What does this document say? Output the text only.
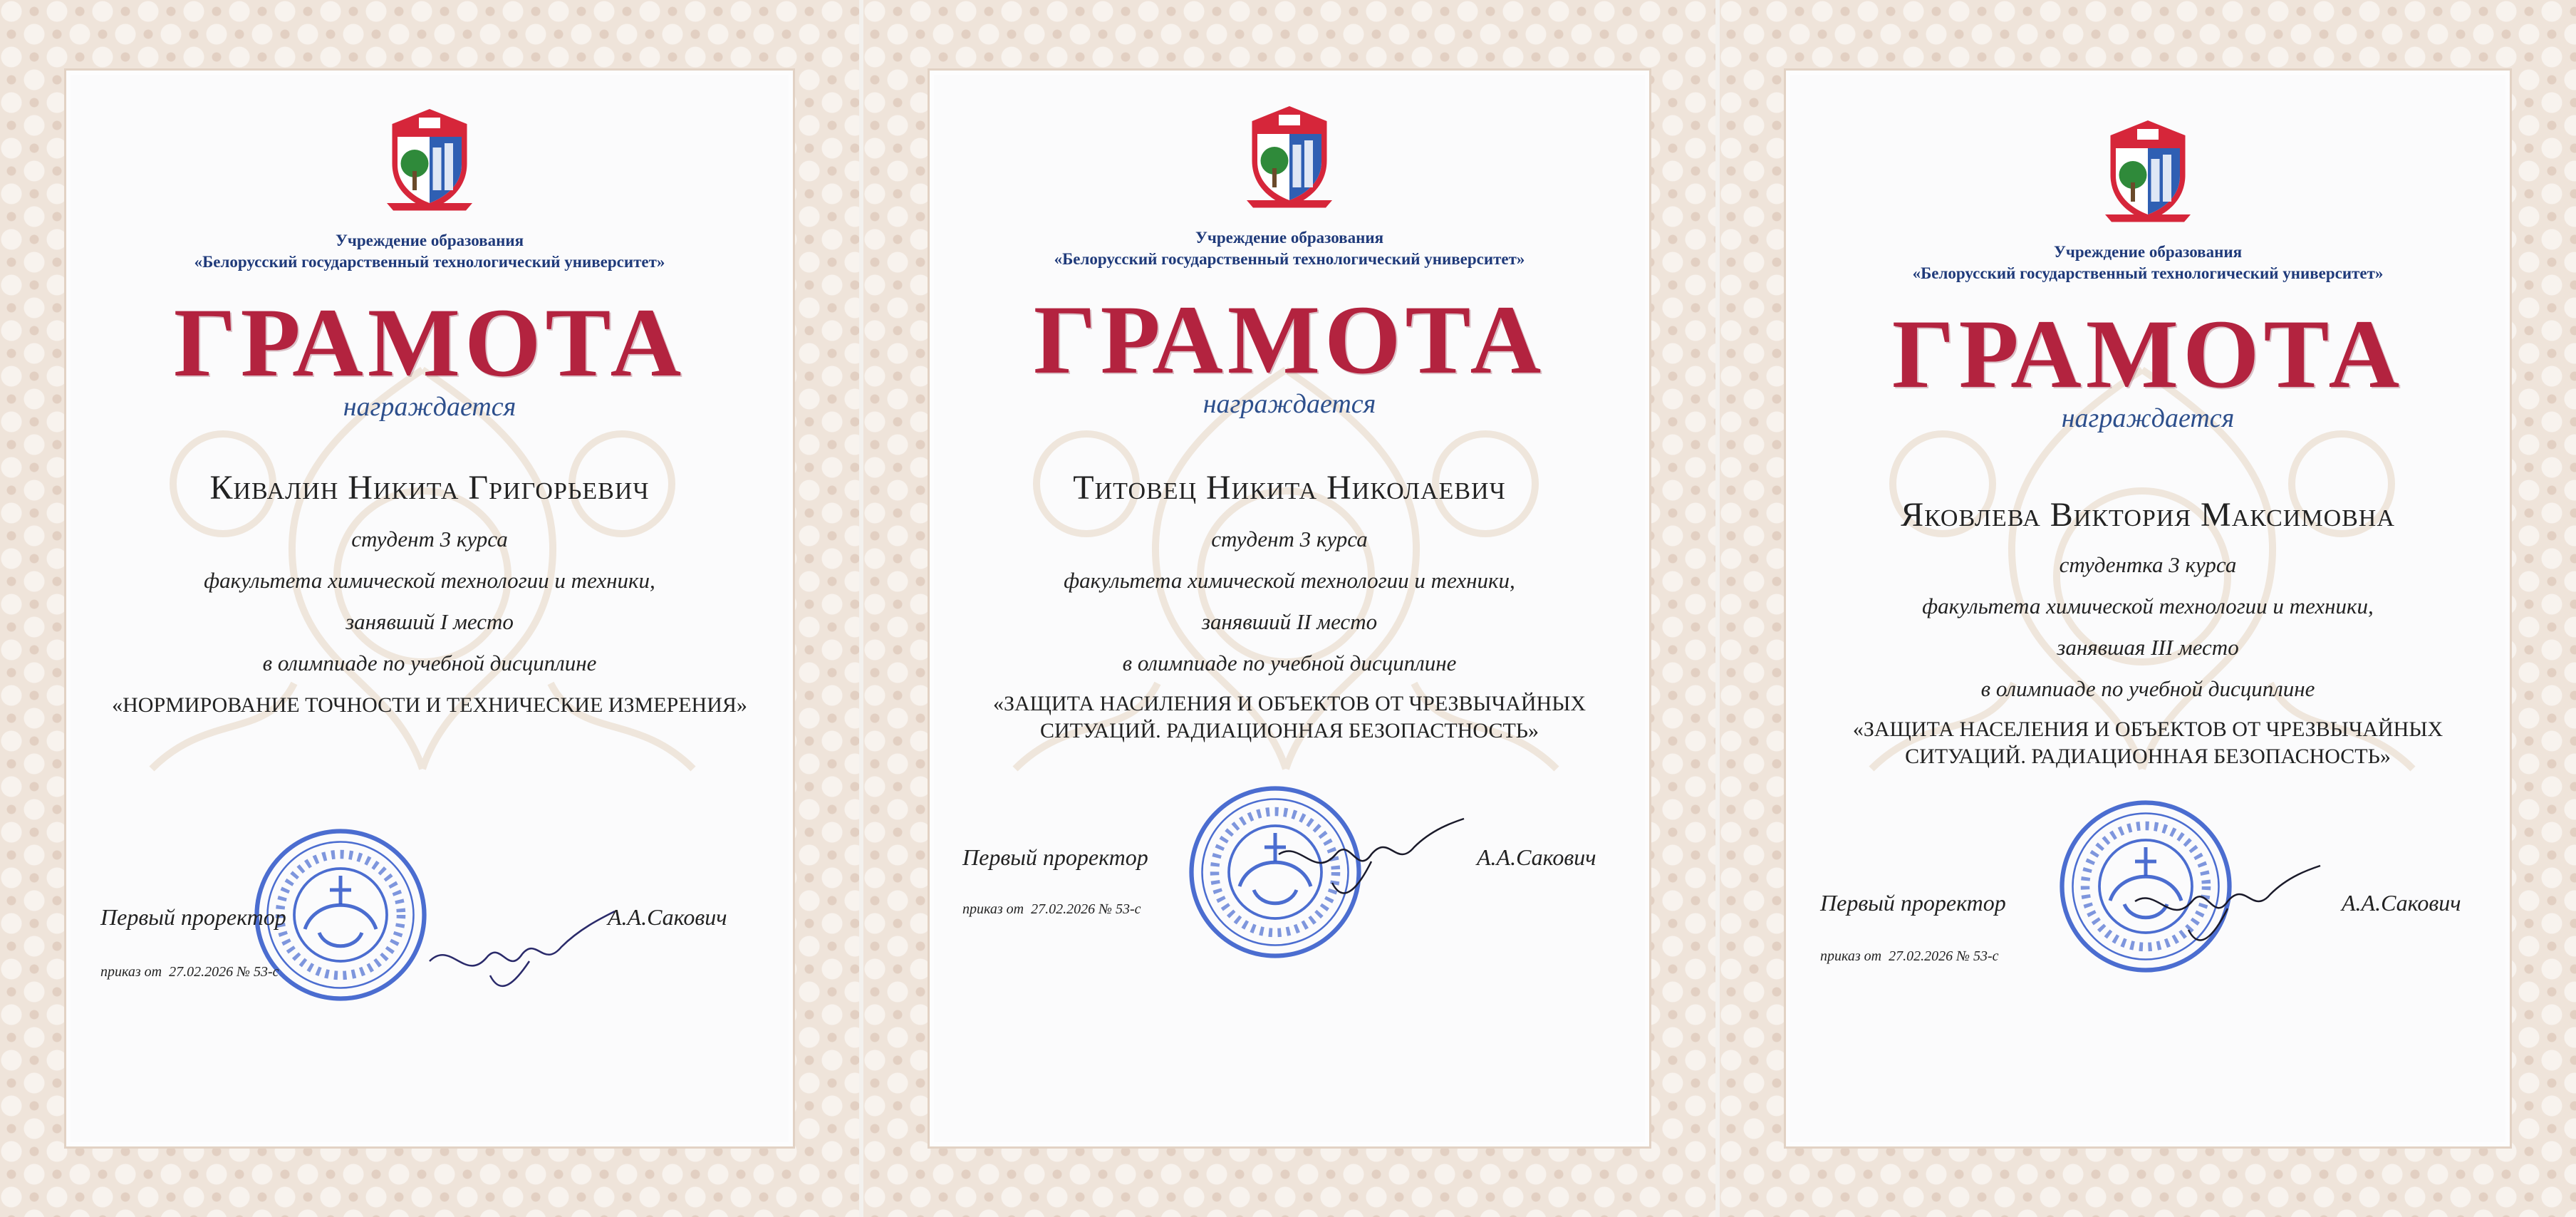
Учреждение образования
«Белорусский государственный технологический университет»
ГРАМОТА
награждается
Кивалин Никита Григорьевич
студент 3 курса
факультета химической технологии и техники,
занявший I место
в олимпиаде по учебной дисциплине
«НОРМИРОВАНИЕ ТОЧНОСТИ И ТЕХНИЧЕСКИЕ ИЗМЕРЕНИЯ»
Первый проректор	А.А.Сакович
приказ от 27.02.2026 № 53-с
Учреждение образования
«Белорусский государственный технологический университет»
ГРАМОТА
награждается
Титовец Никита Николаевич
студент 3 курса
факультета химической технологии и техники,
занявший II место
в олимпиаде по учебной дисциплине
«ЗАЩИТА НАСИЛЕНИЯ И ОБЪЕКТОВ ОТ ЧРЕЗВЫЧАЙНЫХ
СИТУАЦИЙ. РАДИАЦИОННАЯ БЕЗОПАСТНОСТЬ»
Первый проректор	А.А.Сакович
приказ от 27.02.2026 № 53-с
Учреждение образования
«Белорусский государственный технологический университет»
ГРАМОТА
награждается
Яковлева Виктория Максимовна
студентка 3 курса
факультета химической технологии и техники,
занявшая III место
в олимпиаде по учебной дисциплине
«ЗАЩИТА НАСЕЛЕНИЯ И ОБЪЕКТОВ ОТ ЧРЕЗВЫЧАЙНЫХ
СИТУАЦИЙ. РАДИАЦИОННАЯ БЕЗОПАСНОСТЬ»
Первый проректор	А.А.Сакович
приказ от 27.02.2026 № 53-с
